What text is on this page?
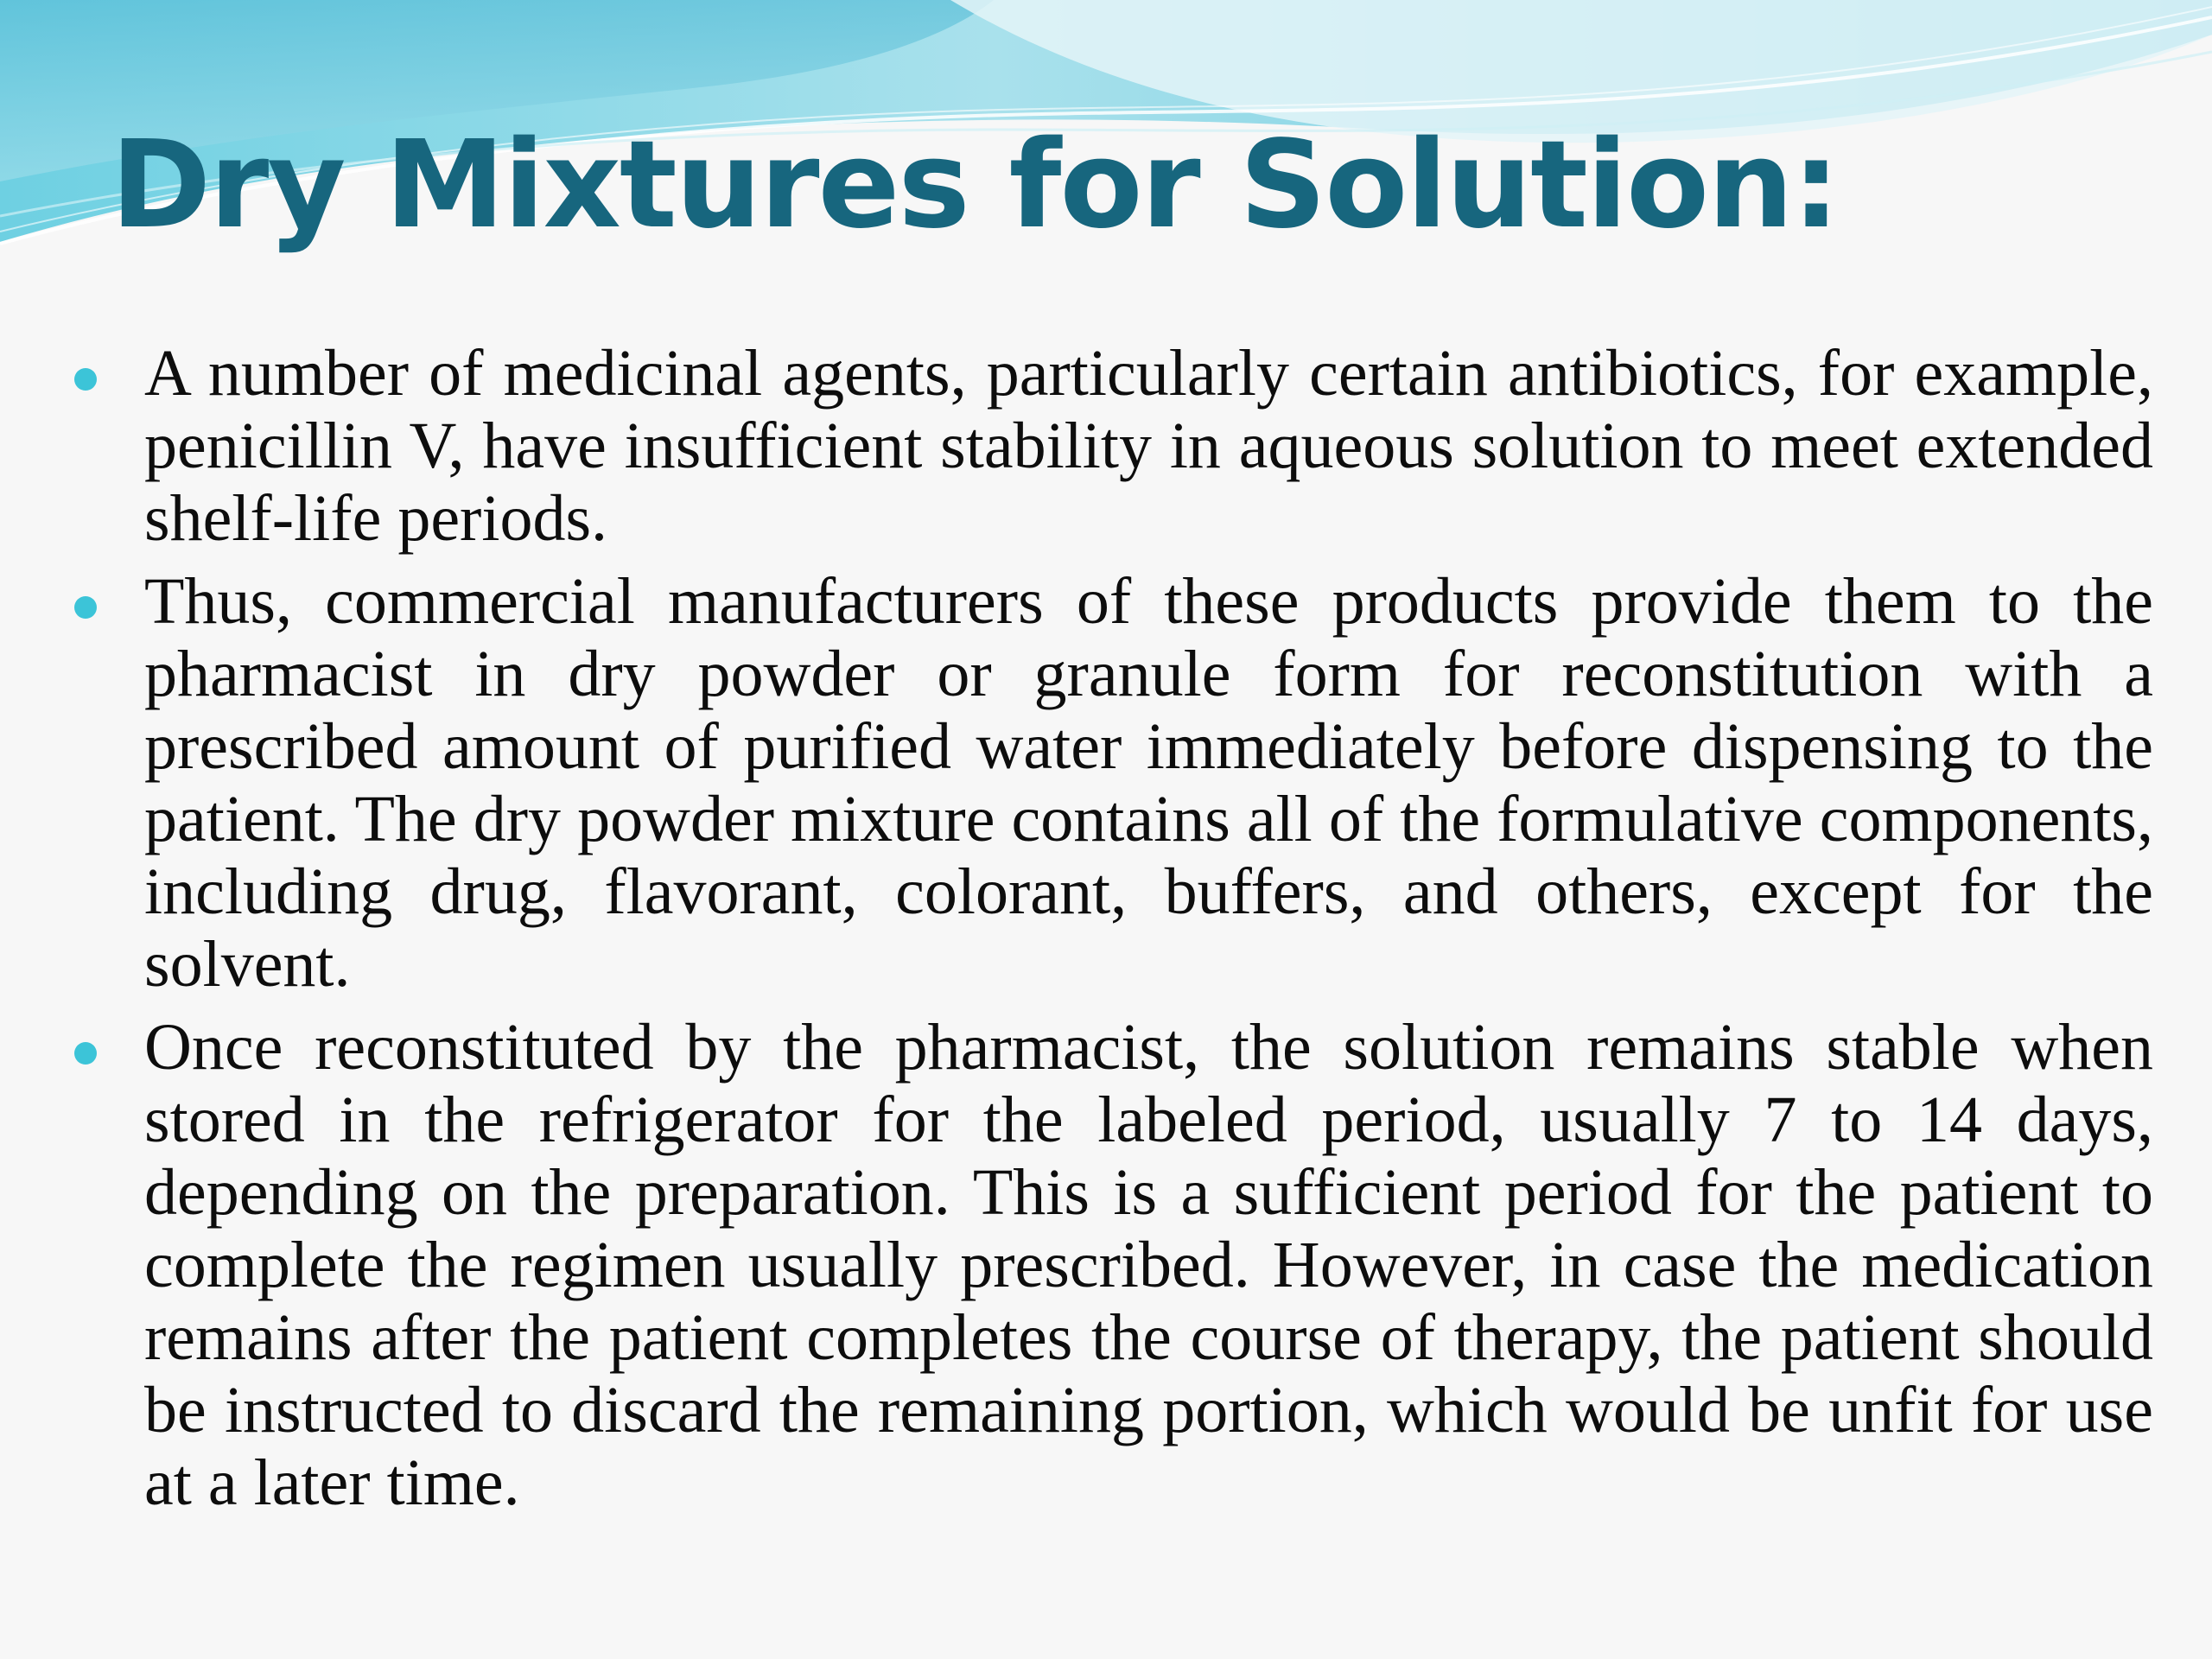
Dry Mixtures for Solution:
A number of medicinal agents, particularly certain antibiotics, for example, penicillin V, have insufficient stability in aqueous solution to meet extended shelf-life periods.
Thus, commercial manufacturers of these products provide them to the pharmacist in dry powder or granule form for reconstitution with a prescribed amount of purified water immediately before dispensing to the patient. The dry powder mixture contains all of the formulative components, including drug, flavorant, colorant, buffers, and others, except for the solvent.
Once reconstituted by the pharmacist, the solution remains stable when stored in the refrigerator for the labeled period, usually 7 to 14 days, depending on the preparation. This is a sufficient period for the patient to complete the regimen usually prescribed. However, in case the medication remains after the patient completes the course of therapy, the patient should be instructed to discard the remaining portion, which would be unfit for use at a later time.
